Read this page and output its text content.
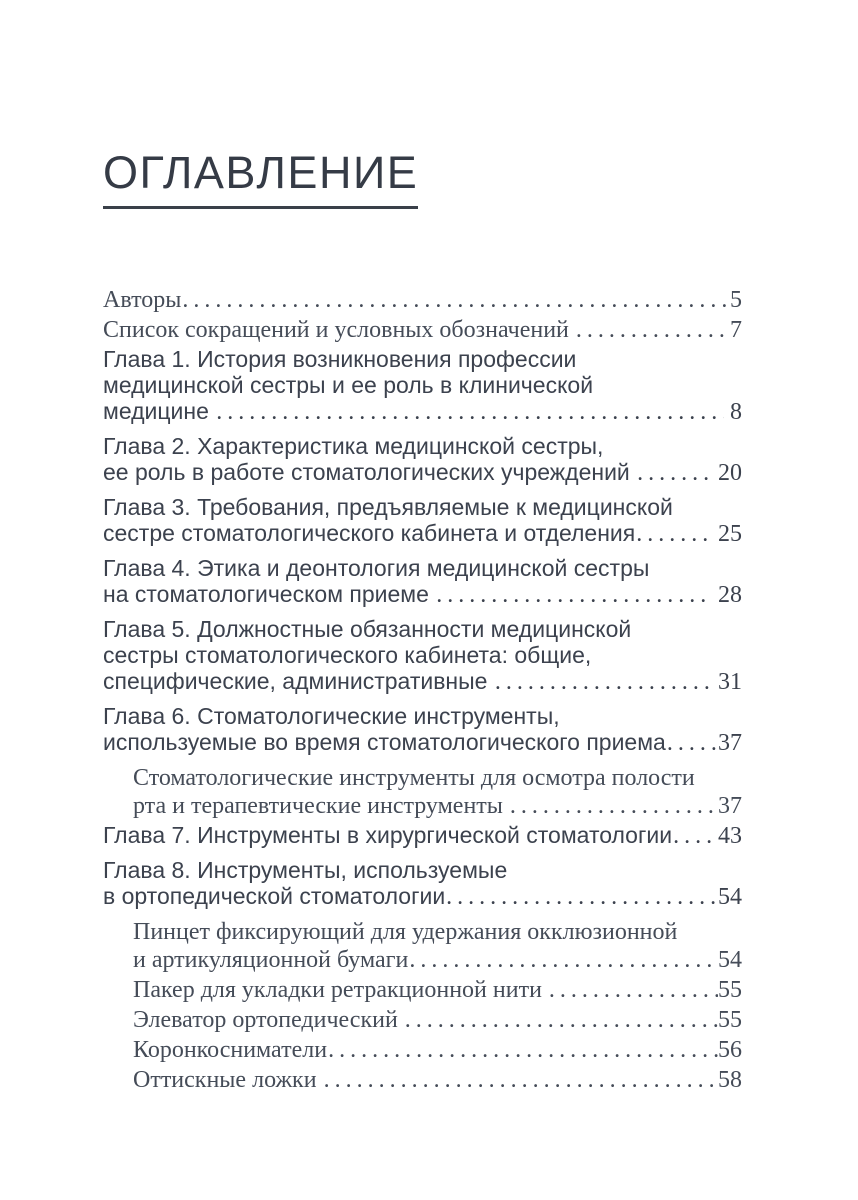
ОГЛАВЛЕНИЕ
Авторы .....	5
Список сокращений и условных обозначений .....	7
Глава 1. История возникновения профессии
медицинской сестры и ее роль в клинической
медицине .....	8
Глава 2. Характеристика медицинской сестры,
ее роль в работе стоматологических учреждений .....	20
Глава 3. Требования, предъявляемые к медицинской
сестре стоматологического кабинета и отделения .....	25
Глава 4. Этика и деонтология медицинской сестры
на стоматологическом приеме .....	28
Глава 5. Должностные обязанности медицинской
сестры стоматологического кабинета: общие,
специфические, административные .....	31
Глава 6. Стоматологические инструменты,
используемые во время стоматологического приема ..... 37
Стоматологические инструменты для осмотра полости
рта и терапевтические инструменты .....	37
Глава 7. Инструменты в хирургической стоматологии ..... 43
Глава 8. Инструменты, используемые
в ортопедической стоматологии .....	54
Пинцет фиксирующий для удержания окклюзионной
и артикуляционной бумаги .....	54
Пакер для укладки ретракционной нити .....	55
Элеватор ортопедический .....	55
Коронкосниматели .....	56
Оттискные ложки .....	58
